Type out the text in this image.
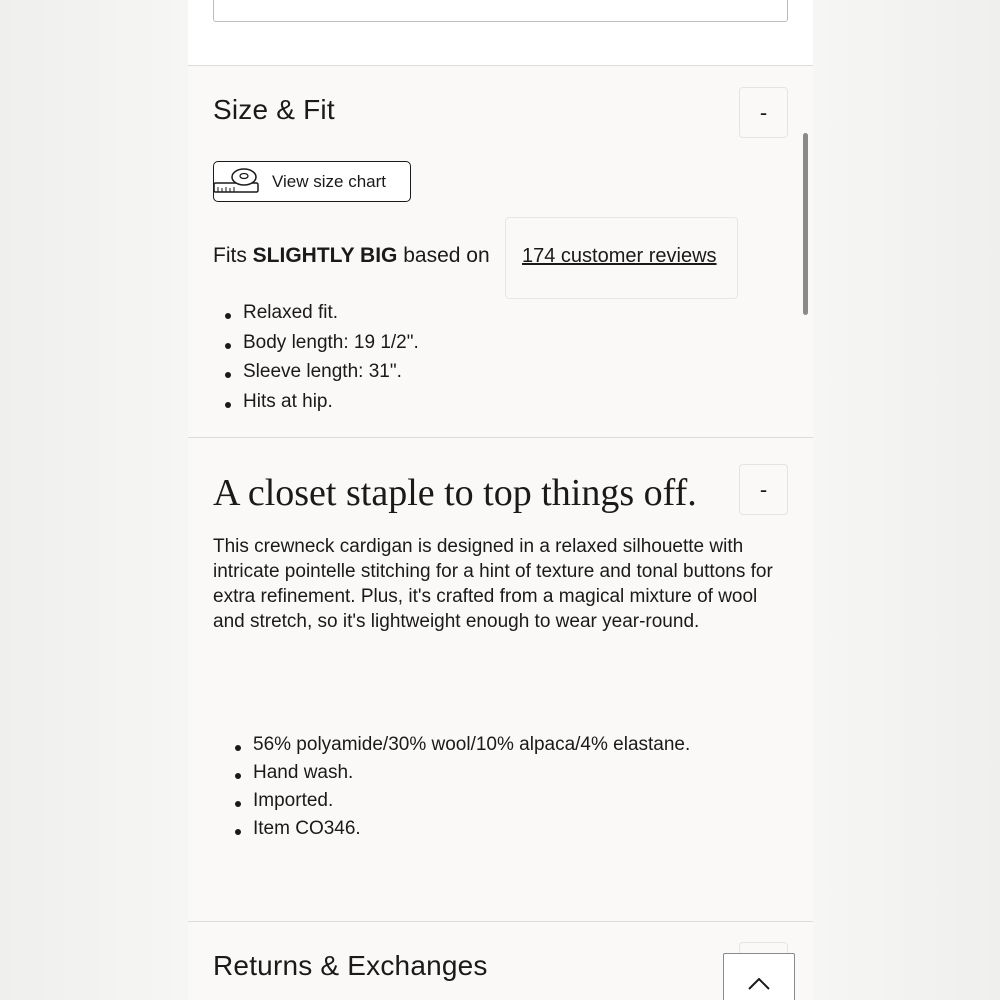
Size & Fit	-
View size chart
Fits SLIGHTLY BIG based on 174 customer reviews
Relaxed fit.
Body length: 19 1/2".
Sleeve length: 31".
Hits at hip.
A closet staple to top things off.	-

This crewneck cardigan is designed in a relaxed silhouette with intricate pointelle stitching for a hint of texture and tonal buttons for extra refinement. Plus, it's crafted from a magical mixture of wool and stretch, so it's lightweight enough to wear year-round.

56% polyamide/30% wool/10% alpaca/4% elastane.
Hand wash.
Imported.
Item CO346.
Returns & Exchanges
